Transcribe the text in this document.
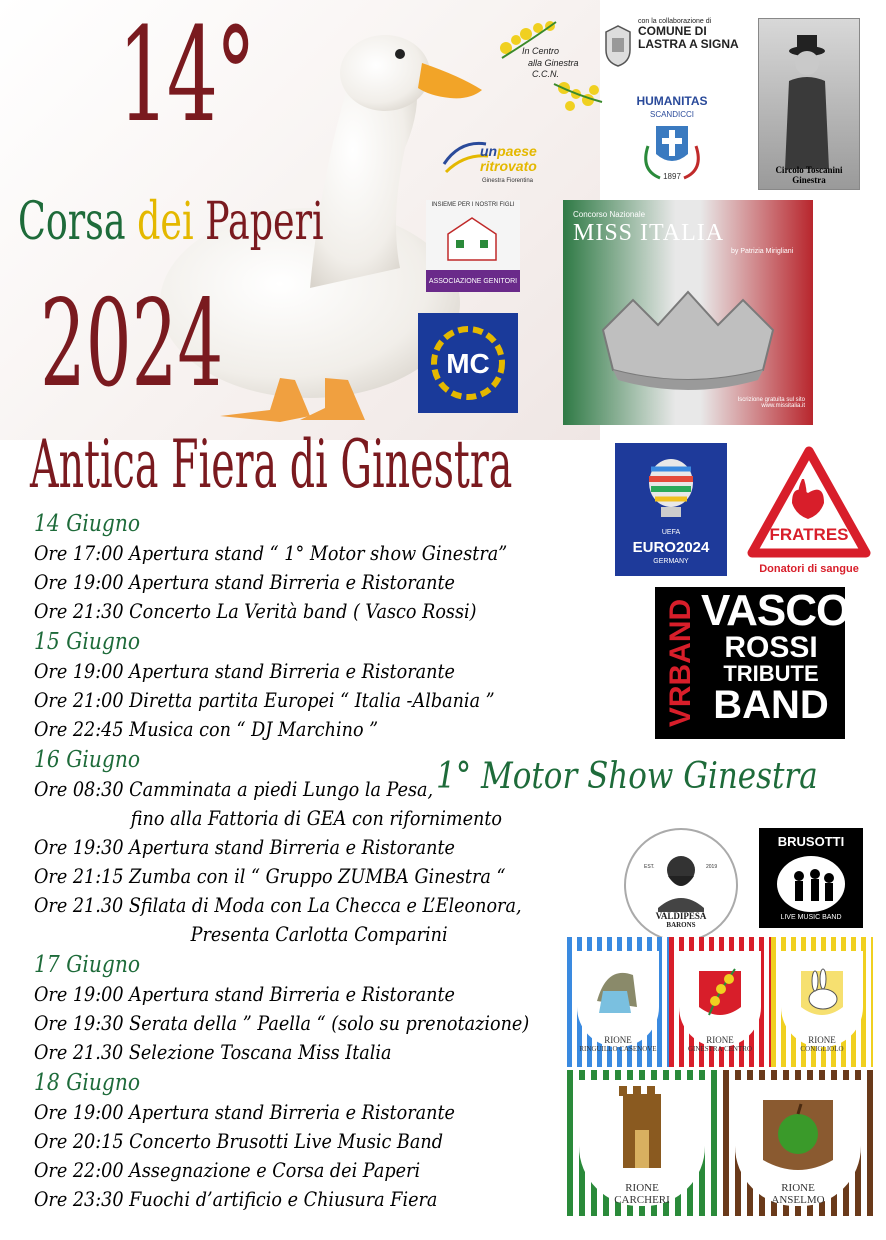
14°
Corsa dei Paperi
2024
Antica Fiera di Ginestra
14 Giugno
Ore 17:00 Apertura stand “ 1° Motor show Ginestra”
Ore 19:00 Apertura stand Birreria e Ristorante
Ore 21:30 Concerto La Verità band ( Vasco Rossi)
15 Giugno
Ore 19:00 Apertura stand Birreria e Ristorante
Ore 21:00 Diretta partita Europei “ Italia -Albania ”
Ore 22:45 Musica con “ DJ Marchino ”
16 Giugno
Ore 08:30 Camminata a piedi Lungo la Pesa,
fino alla Fattoria di GEA con rifornimento
Ore 19:30 Apertura stand Birreria e Ristorante
Ore 21:15 Zumba con il “ Gruppo ZUMBA Ginestra “
Ore 21.30 Sfilata di Moda con La Checca e L’Eleonora,
Presenta Carlotta Comparini
17 Giugno
Ore 19:00 Apertura stand Birreria e Ristorante
Ore 19:30 Serata della ” Paella “ (solo su prenotazione)
Ore 21.30 Selezione Toscana Miss Italia
18 Giugno
Ore 19:00 Apertura stand Birreria e Ristorante
Ore 20:15 Concerto Brusotti Live Music Band
Ore 22:00 Assegnazione e Corsa dei Paperi
Ore 23:30 Fuochi d’artificio e Chiusura Fiera
1° Motor Show Ginestra
In Centro
alla Ginestra
C.C.N.
con la collaborazione di
COMUNE DI
LASTRA A SIGNA
Circolo Toscanini Ginestra
HUMANITAS
SCANDICCI
1897
unpaese
ritrovato
Ginestra Fiorentina
INSIEME PER I NOSTRI FIGLI
ASSOCIAZIONE GENITORI
MC
Concorso Nazionale
MISS ITALIA
by Patrizia Mirigliani
Iscrizione gratuita sul sito www.missitalia.it
UEFA
EURO2024
GERMANY
FRATRES
Donatori di sangue
VRBAND VASCO
ROSSI
TRIBUTE
BAND
EST.	2019
VALDIPESA
BARONS
BRUSOTTI
LIVE MUSIC BAND
RIONE
RINGUILLO CASENOVE
RIONE
GINESTRA CENTRO
RIONE
CONIGLIOLO
RIONE
CARCHERI
RIONE
ANSELMO
